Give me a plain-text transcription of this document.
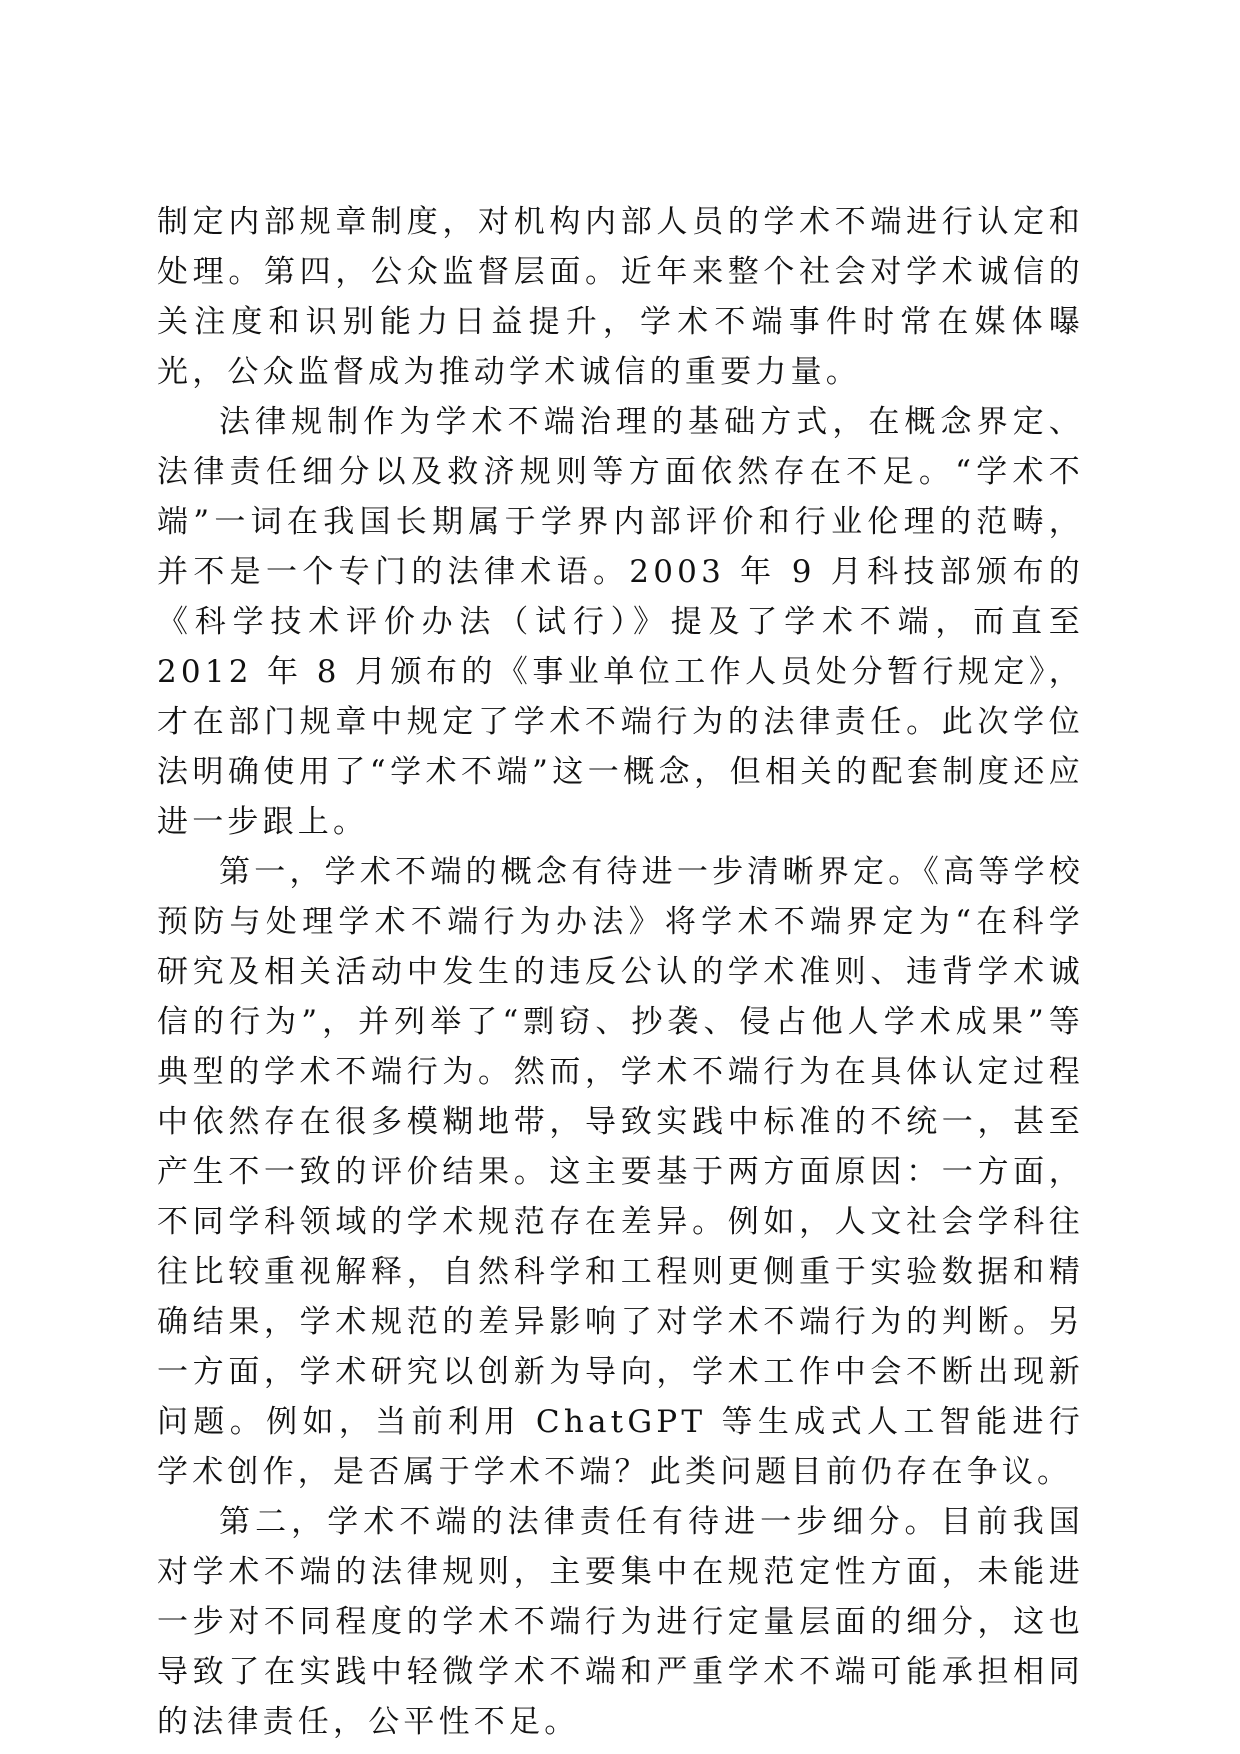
制定内部规章制度，对机构内部人员的学术不端进行认定和处理。第四，公众监督层面。近年来整个社会对学术诚信的关注度和识别能力日益提升，学术不端事件时常在媒体曝光，公众监督成为推动学术诚信的重要力量。

法律规制作为学术不端治理的基础方式，在概念界定、法律责任细分以及救济规则等方面依然存在不足。“学术不端”一词在我国长期属于学界内部评价和行业伦理的范畴，并不是一个专门的法律术语。2003 年 9 月科技部颁布的《科学技术评价办法（试行）》提及了学术不端，而直至 2012 年 8 月颁布的《事业单位工作人员处分暂行规定》，才在部门规章中规定了学术不端行为的法律责任。此次学位法明确使用了“学术不端”这一概念，但相关的配套制度还应进一步跟上。

第一，学术不端的概念有待进一步清晰界定。《高等学校预防与处理学术不端行为办法》将学术不端界定为“在科学研究及相关活动中发生的违反公认的学术准则、违背学术诚信的行为”，并列举了“剽窃、抄袭、侵占他人学术成果”等典型的学术不端行为。然而，学术不端行为在具体认定过程中依然存在很多模糊地带，导致实践中标准的不统一，甚至产生不一致的评价结果。这主要基于两方面原因：一方面，不同学科领域的学术规范存在差异。例如，人文社会学科往往比较重视解释，自然科学和工程则更侧重于实验数据和精确结果，学术规范的差异影响了对学术不端行为的判断。另一方面，学术研究以创新为导向，学术工作中会不断出现新问题。例如，当前利用 ChatGPT 等生成式人工智能进行学术创作，是否属于学术不端？此类问题目前仍存在争议。

第二，学术不端的法律责任有待进一步细分。目前我国对学术不端的法律规则，主要集中在规范定性方面，未能进一步对不同程度的学术不端行为进行定量层面的细分，这也导致了在实践中轻微学术不端和严重学术不端可能承担相同的法律责任，公平性不足。
